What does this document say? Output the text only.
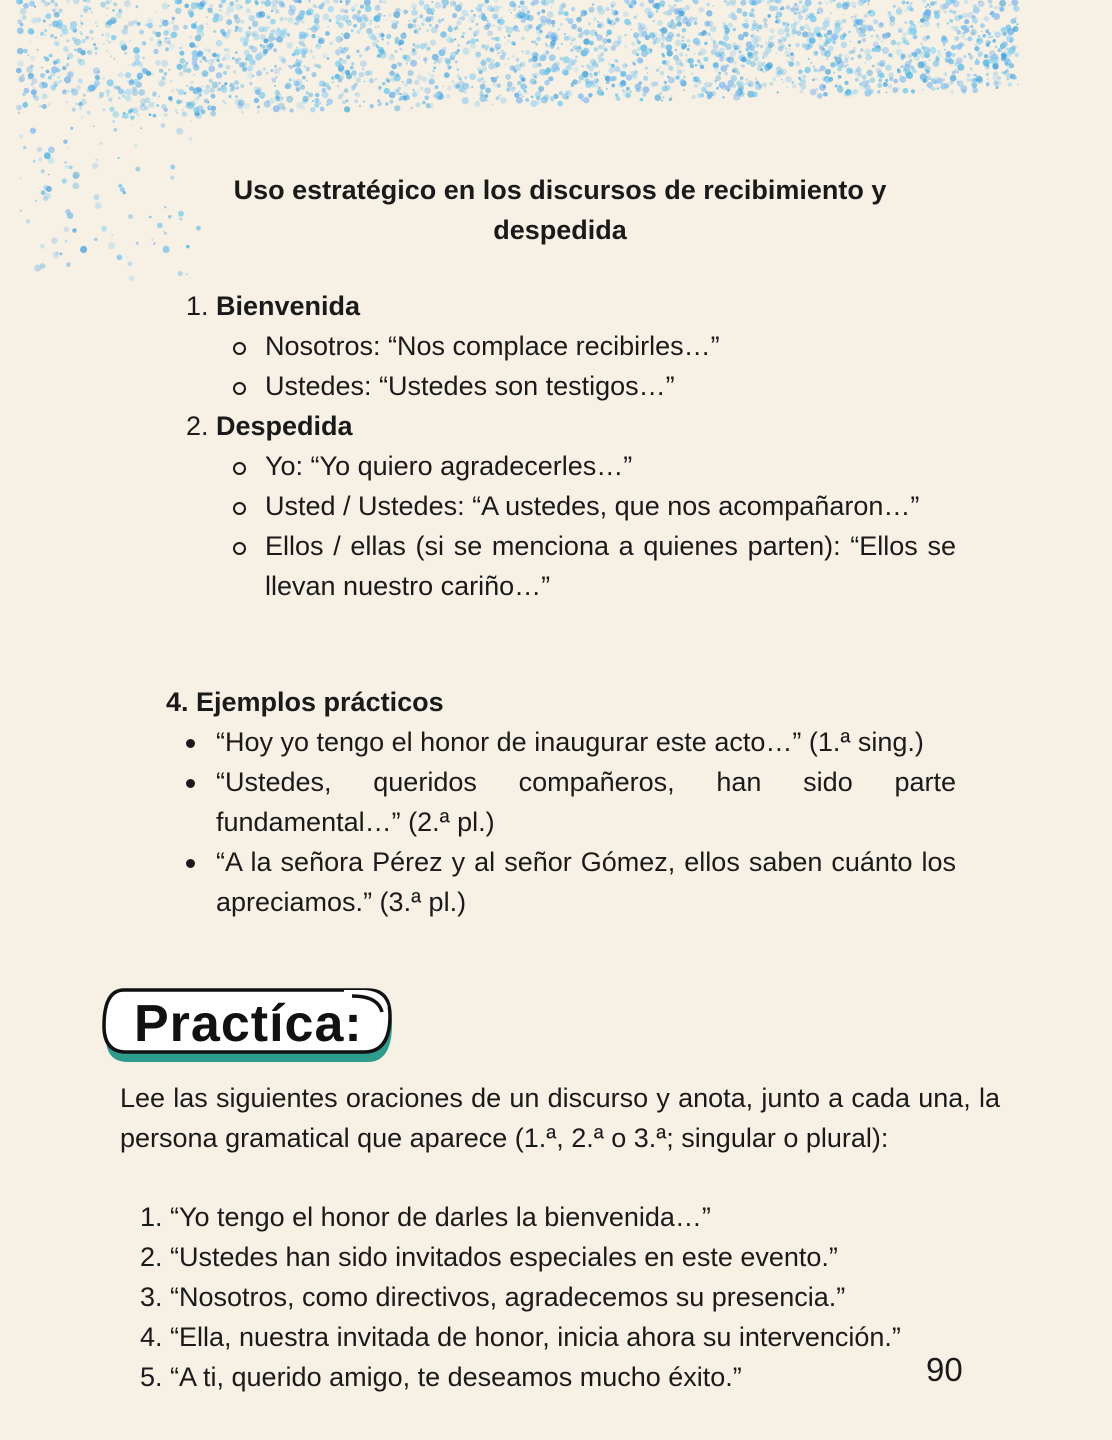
Uso estratégico en los discursos de recibimiento y despedida
1. Bienvenida
Nosotros: “Nos complace recibirles…”
Ustedes: “Ustedes son testigos…”
2. Despedida
Yo: “Yo quiero agradecerles…”
Usted / Ustedes: “A ustedes, que nos acompañaron…”
Ellos / ellas (si se menciona a quienes parten): “Ellos se llevan nuestro cariño…”

4. Ejemplos prácticos

“Hoy yo tengo el honor de inaugurar este acto…” (1.ª sing.)
“Ustedes, queridos compañeros, han sido parte fundamental…” (2.ª pl.)
“A la señora Pérez y al señor Gómez, ellos saben cuánto los apreciamos.” (3.ª pl.)
Practíca:

Lee las siguientes oraciones de un discurso y anota, junto a cada una, la persona gramatical que aparece (1.ª, 2.ª o 3.ª; singular o plural):

1. “Yo tengo el honor de darles la bienvenida…”
2. “Ustedes han sido invitados especiales en este evento.”
3. “Nosotros, como directivos, agradecemos su presencia.”
4. “Ella, nuestra invitada de honor, inicia ahora su intervención.”
5. “A ti, querido amigo, te deseamos mucho éxito.”	90
